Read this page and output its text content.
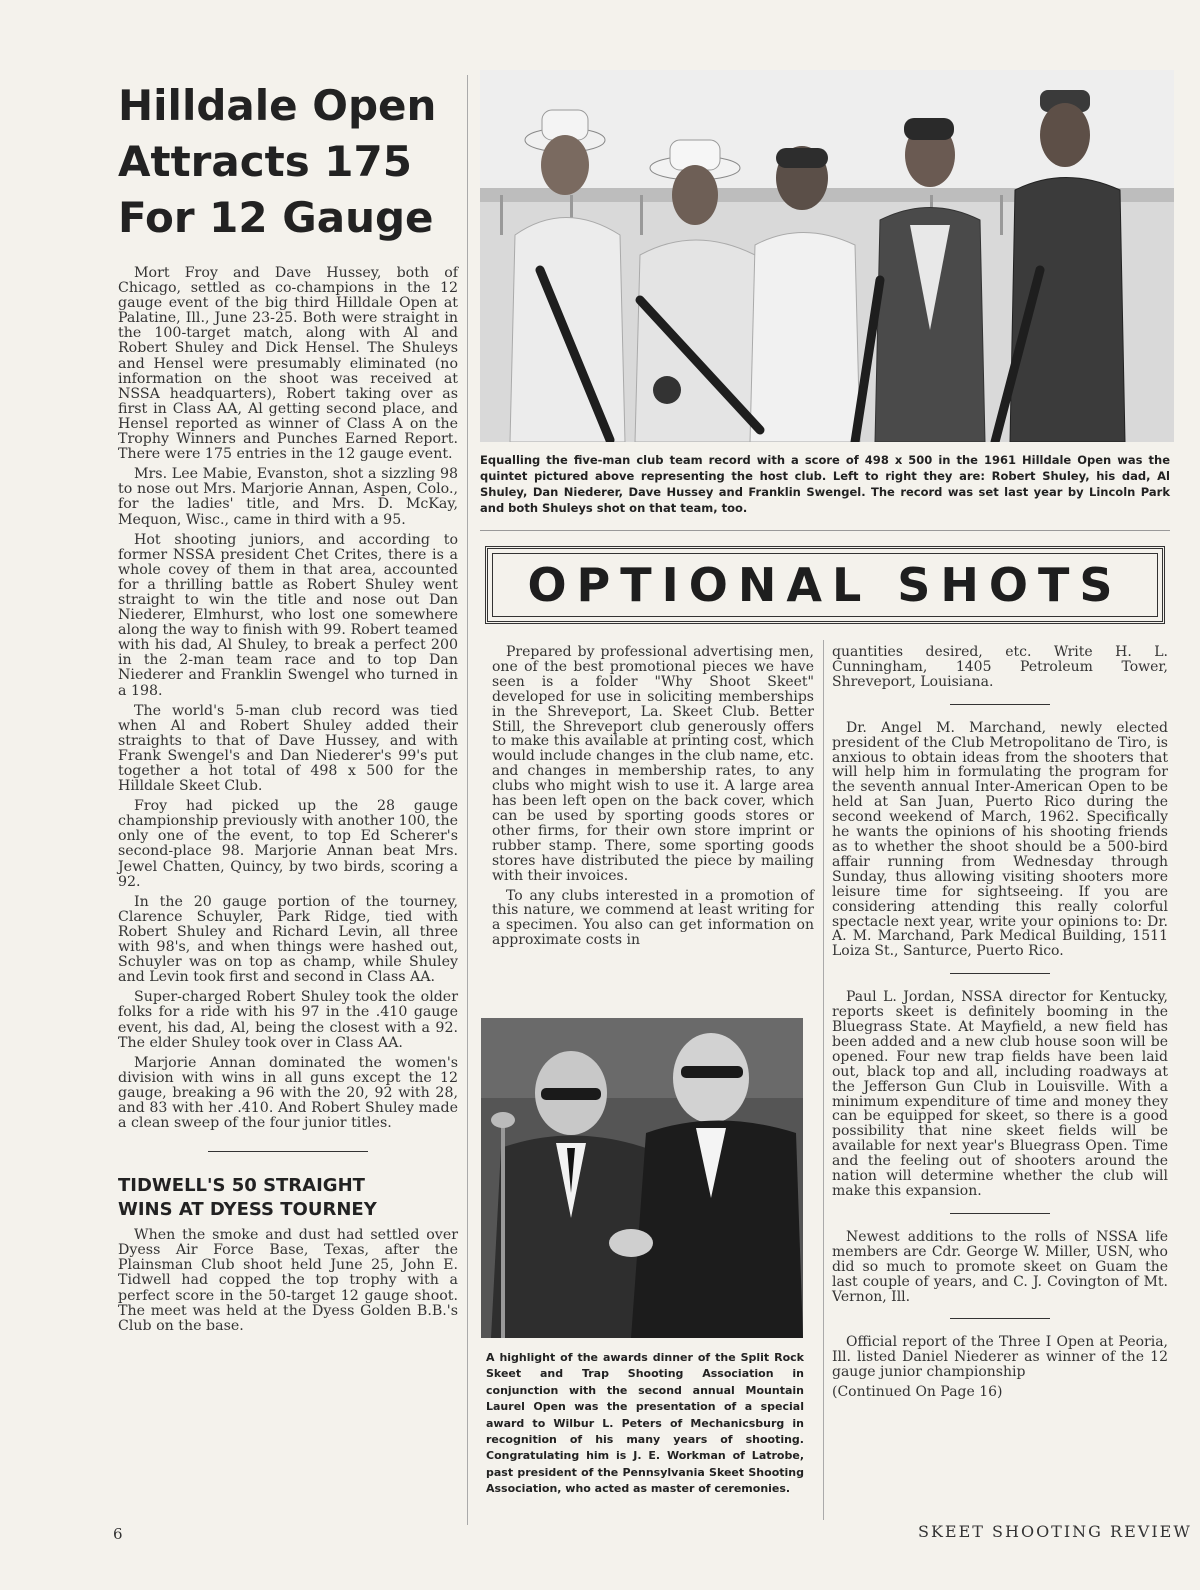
Hilldale Open
Attracts 175
For 12 Gauge

Mort Froy and Dave Hussey, both of Chicago, settled as co-champions in the 12 gauge event of the big third Hilldale Open at Palatine, Ill., June 23-25. Both were straight in the 100-target match, along with Al and Robert Shuley and Dick Hensel. The Shuleys and Hensel were presumably eliminated (no information on the shoot was received at NSSA headquarters), Robert taking over as first in Class AA, Al getting second place, and Hensel reported as winner of Class A on the Trophy Winners and Punches Earned Report. There were 175 entries in the 12 gauge event.

Mrs. Lee Mabie, Evanston, shot a sizzling 98 to nose out Mrs. Marjorie Annan, Aspen, Colo., for the ladies' title, and Mrs. D. McKay, Mequon, Wisc., came in third with a 95.

Hot shooting juniors, and according to former NSSA president Chet Crites, there is a whole covey of them in that area, accounted for a thrilling battle as Robert Shuley went straight to win the title and nose out Dan Niederer, Elmhurst, who lost one somewhere along the way to finish with 99. Robert teamed with his dad, Al Shuley, to break a perfect 200 in the 2-man team race and to top Dan Niederer and Franklin Swengel who turned in a 198.

The world's 5-man club record was tied when Al and Robert Shuley added their straights to that of Dave Hussey, and with Frank Swengel's and Dan Niederer's 99's put together a hot total of 498 x 500 for the Hilldale Skeet Club.

Froy had picked up the 28 gauge championship previously with another 100, the only one of the event, to top Ed Scherer's second-place 98. Marjorie Annan beat Mrs. Jewel Chatten, Quincy, by two birds, scoring a 92.

In the 20 gauge portion of the tourney, Clarence Schuyler, Park Ridge, tied with Robert Shuley and Richard Levin, all three with 98's, and when things were hashed out, Schuyler was on top as champ, while Shuley and Levin took first and second in Class AA.

Super-charged Robert Shuley took the older folks for a ride with his 97 in the .410 gauge event, his dad, Al, being the closest with a 92. The elder Shuley took over in Class AA.

Marjorie Annan dominated the women's division with wins in all guns except the 12 gauge, breaking a 96 with the 20, 92 with 28, and 83 with her .410. And Robert Shuley made a clean sweep of the four junior titles.

TIDWELL'S 50 STRAIGHT
WINS AT DYESS TOURNEY

When the smoke and dust had settled over Dyess Air Force Base, Texas, after the Plainsman Club shoot held June 25, John E. Tidwell had copped the top trophy with a perfect score in the 50-target 12 gauge shoot. The meet was held at the Dyess Golden B.B.'s Club on the base.

Equalling the five-man club team record with a score of 498 x 500 in the 1961 Hilldale Open was the quintet pictured above representing the host club. Left to right they are: Robert Shuley, his dad, Al Shuley, Dan Niederer, Dave Hussey and Franklin Swengel. The record was set last year by Lincoln Park and both Shuleys shot on that team, too.
OPTIONAL SHOTS

Prepared by professional advertising men, one of the best promotional pieces we have seen is a folder "Why Shoot Skeet" developed for use in soliciting memberships in the Shreveport, La. Skeet Club. Better Still, the Shreveport club generously offers to make this available at printing cost, which would include changes in the club name, etc. and changes in membership rates, to any clubs who might wish to use it. A large area has been left open on the back cover, which can be used by sporting goods stores or other firms, for their own store imprint or rubber stamp. There, some sporting goods stores have distributed the piece by mailing with their invoices.

To any clubs interested in a promotion of this nature, we commend at least writing for a specimen. You also can get information on approximate costs in

A highlight of the awards dinner of the Split Rock Skeet and Trap Shooting Association in conjunction with the second annual Mountain Laurel Open was the presentation of a special award to Wilbur L. Peters of Mechanicsburg in recognition of his many years of shooting. Congratulating him is J. E. Workman of Latrobe, past president of the Pennsylvania Skeet Shooting Association, who acted as master of ceremonies.

quantities desired, etc. Write H. L. Cunningham, 1405 Petroleum Tower, Shreveport, Louisiana.

Dr. Angel M. Marchand, newly elected president of the Club Metropolitano de Tiro, is anxious to obtain ideas from the shooters that will help him in formulating the program for the seventh annual Inter-American Open to be held at San Juan, Puerto Rico during the second weekend of March, 1962. Specifically he wants the opinions of his shooting friends as to whether the shoot should be a 500-bird affair running from Wednesday through Sunday, thus allowing visiting shooters more leisure time for sightseeing. If you are considering attending this really colorful spectacle next year, write your opinions to: Dr. A. M. Marchand, Park Medical Building, 1511 Loiza St., Santurce, Puerto Rico.

Paul L. Jordan, NSSA director for Kentucky, reports skeet is definitely booming in the Bluegrass State. At Mayfield, a new field has been added and a new club house soon will be opened. Four new trap fields have been laid out, black top and all, including roadways at the Jefferson Gun Club in Louisville. With a minimum expenditure of time and money they can be equipped for skeet, so there is a good possibility that nine skeet fields will be available for next year's Bluegrass Open. Time and the feeling out of shooters around the nation will determine whether the club will make this expansion.

Newest additions to the rolls of NSSA life members are Cdr. George W. Miller, USN, who did so much to promote skeet on Guam the last couple of years, and C. J. Covington of Mt. Vernon, Ill.

Official report of the Three I Open at Peoria, Ill. listed Daniel Niederer as winner of the 12 gauge junior championship

(Continued On Page 16)

6	SKEET SHOOTING REVIEW
